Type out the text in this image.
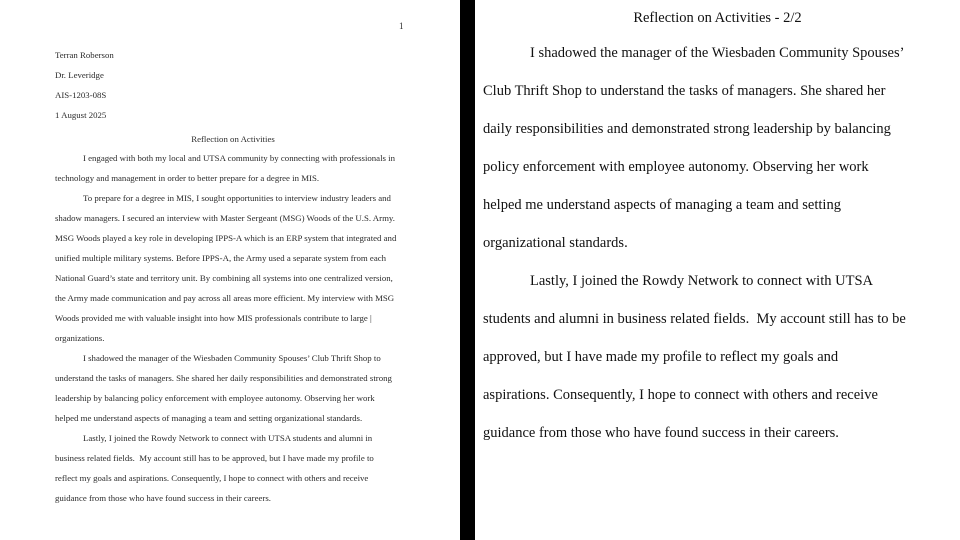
1
Terran Roberson
Dr. Leveridge
AIS-1203-08S
1 August 2025
Reflection on Activities
	I engaged with both my local and UTSA community by connecting with professionals in
technology and management in order to better prepare for a degree in MIS.
	To prepare for a degree in MIS, I sought opportunities to interview industry leaders and
shadow managers. I secured an interview with Master Sergeant (MSG) Woods of the U.S. Army.
MSG Woods played a key role in developing IPPS-A which is an ERP system that integrated and
unified multiple military systems. Before IPPS-A, the Army used a separate system from each
National Guard’s state and territory unit. By combining all systems into one centralized version,
the Army made communication and pay across all areas more efficient. My interview with MSG
Woods provided me with valuable insight into how MIS professionals contribute to large |
organizations.
	I shadowed the manager of the Wiesbaden Community Spouses’ Club Thrift Shop to
understand the tasks of managers. She shared her daily responsibilities and demonstrated strong
leadership by balancing policy enforcement with employee autonomy. Observing her work
helped me understand aspects of managing a team and setting organizational standards.
	Lastly, I joined the Rowdy Network to connect with UTSA students and alumni in
business related fields.  My account still has to be approved, but I have made my profile to
reflect my goals and aspirations. Consequently, I hope to connect with others and receive
guidance from those who have found success in their careers.
Reflection on Activities - 2/2
	I shadowed the manager of the Wiesbaden Community Spouses’
Club Thrift Shop to understand the tasks of managers. She shared her
daily responsibilities and demonstrated strong leadership by balancing
policy enforcement with employee autonomy. Observing her work
helped me understand aspects of managing a team and setting
organizational standards.
	Lastly, I joined the Rowdy Network to connect with UTSA
students and alumni in business related fields.  My account still has to be
approved, but I have made my profile to reflect my goals and
aspirations. Consequently, I hope to connect with others and receive
guidance from those who have found success in their careers.
